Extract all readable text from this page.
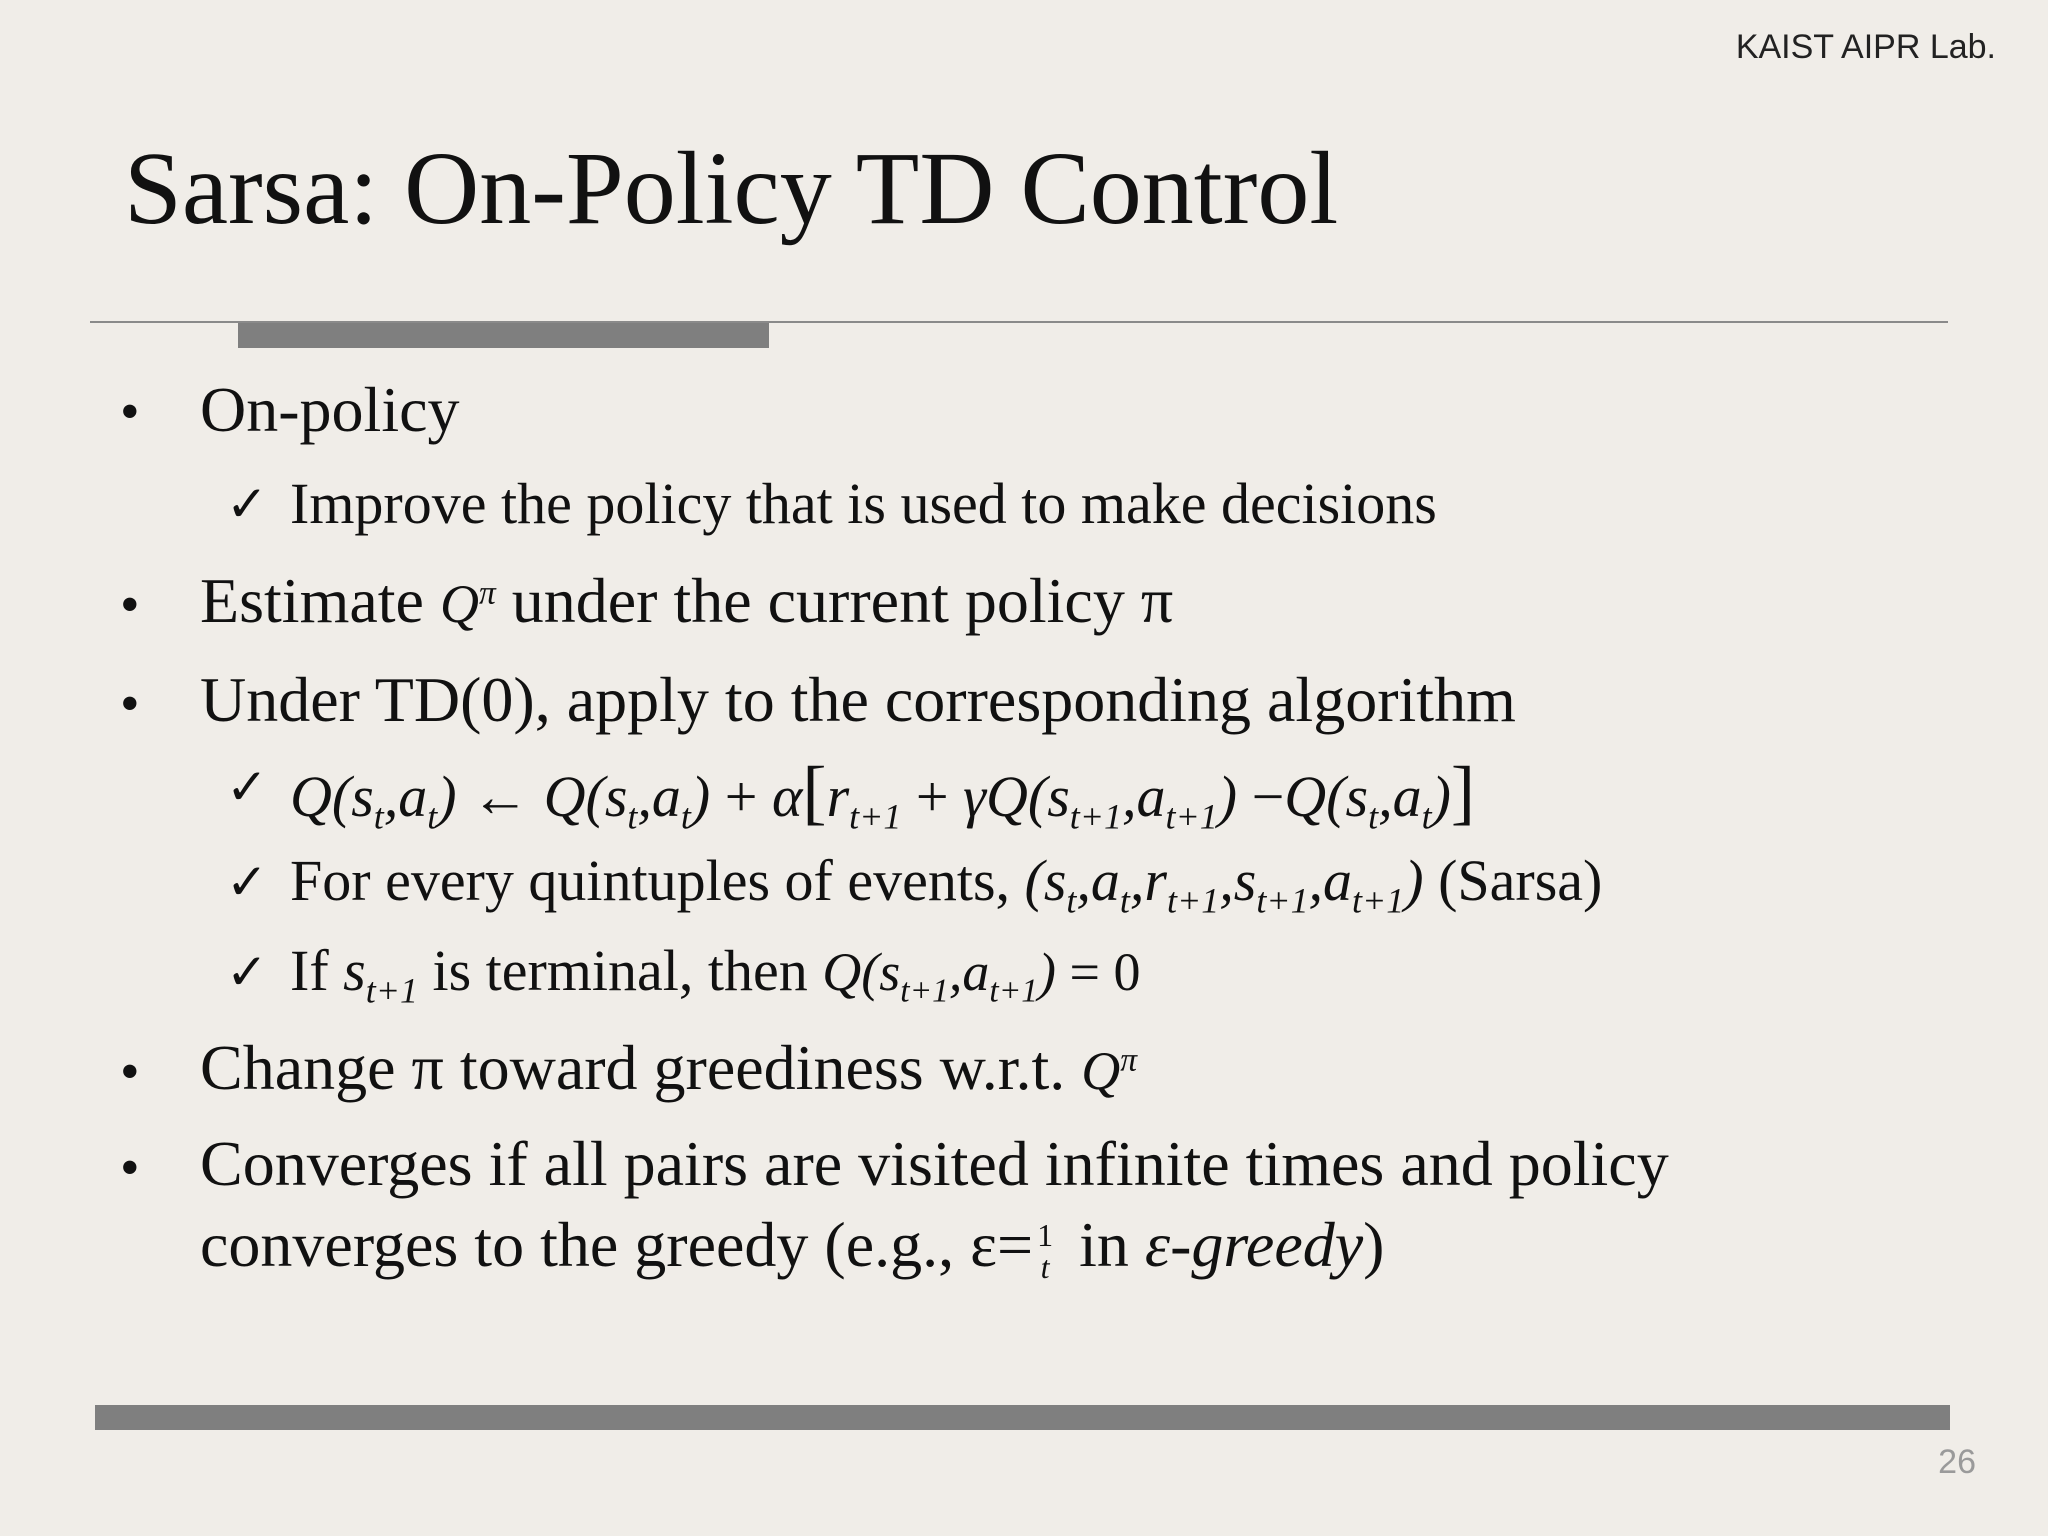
KAIST AIPR Lab.
Sarsa: On-Policy TD Control
• On-policy
✓ Improve the policy that is used to make decisions
• Estimate $Q^\pi$ under the current policy π
• Under TD(0), apply to the corresponding algorithm
✓ $Q(s_t,a_t)$ ← $Q(s_t,a_t) + \alpha[r_{t+1} + \gamma Q(s_{t+1},a_{t+1}) -Q(s_t,a_t)]$
✓ For every quintuples of events, $(s_t,a_t,r_{t+1},s_{t+1},a_{t+1})$ (Sarsa)
✓ If $s_{t+1}$ is terminal, then $Q(s_{t+1},a_{t+1}) = 0$
• Change π toward greediness w.r.t. $Q^\pi$
• Converges if all pairs are visited infinite times and policy
converges to the greedy (e.g., ε= 1
t in ε-greedy)
26
